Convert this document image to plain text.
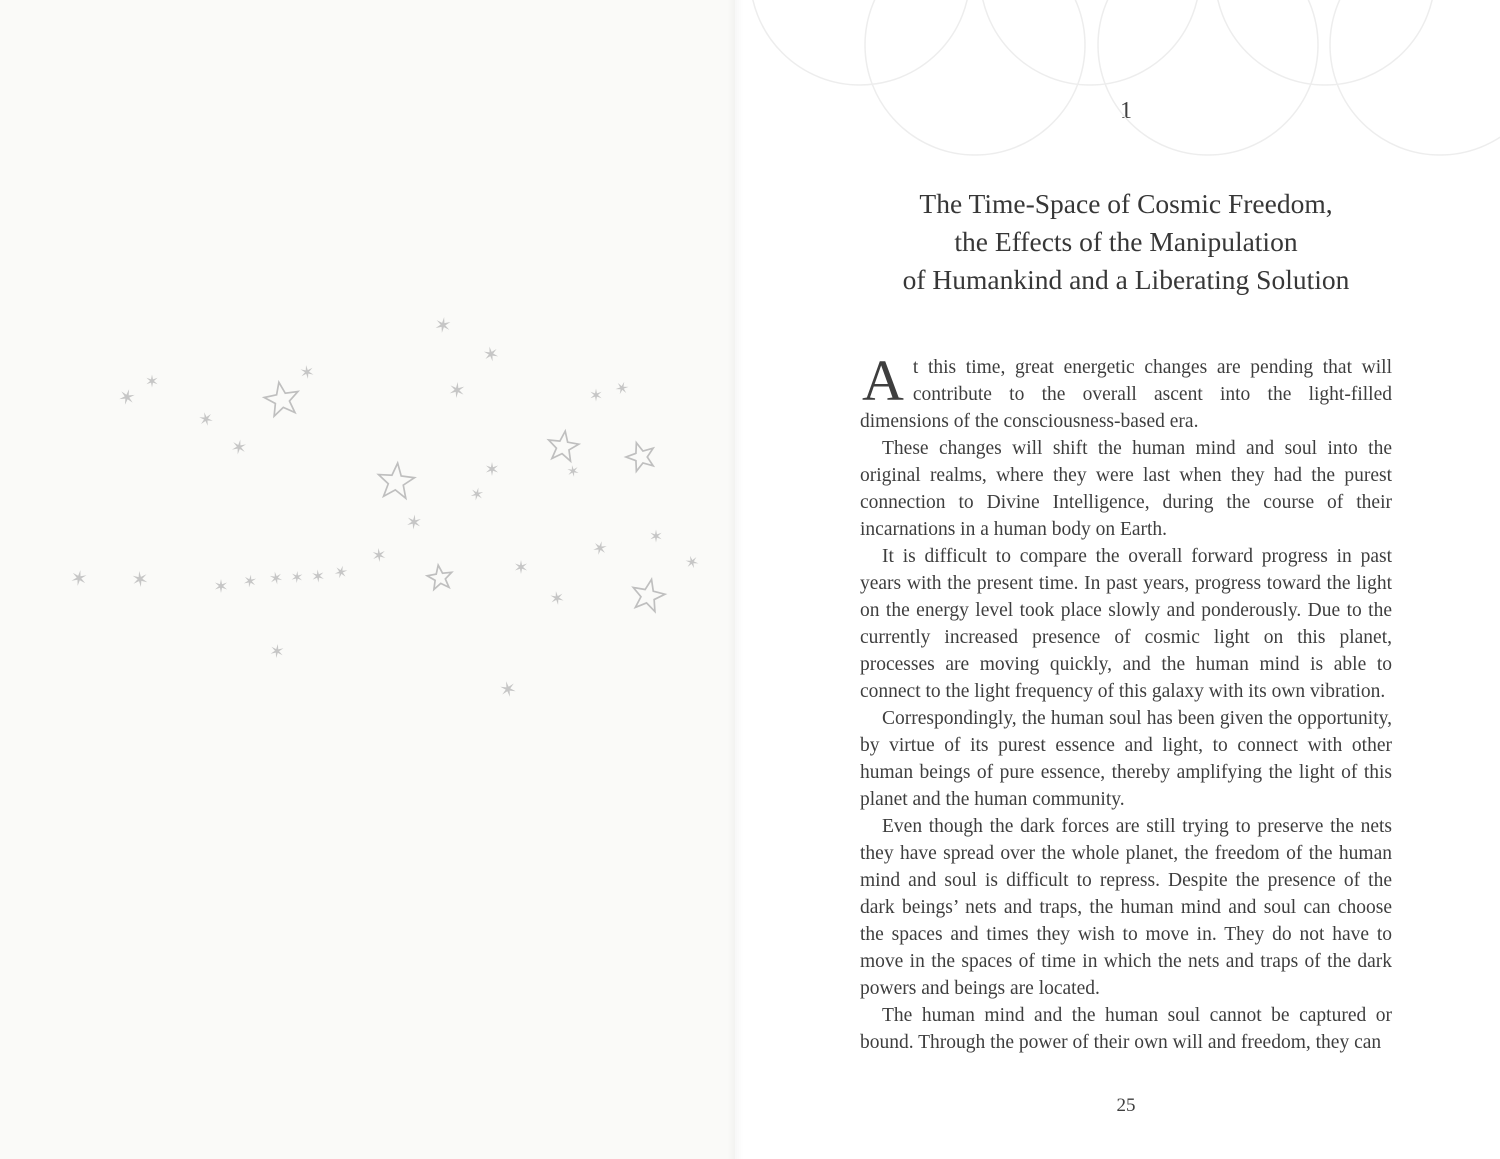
1
The Time-Space of Cosmic Freedom,
the Effects of the Manipulation
of Humankind and a Liberating Solution

At this time, great energetic changes are pending that will contribute to the overall ascent into the light-filled dimensions of the consciousness-based era.

These changes will shift the human mind and soul into the original realms, where they were last when they had the purest connection to Divine Intelligence, during the course of their incarnations in a human body on Earth.

It is difficult to compare the overall forward progress in past years with the present time. In past years, progress toward the light on the energy level took place slowly and ponderously. Due to the currently increased presence of cosmic light on this planet, processes are moving quickly, and the human mind is able to connect to the light frequency of this galaxy with its own vibration.

Correspondingly, the human soul has been given the opportunity, by virtue of its purest essence and light, to connect with other human beings of pure essence, thereby amplifying the light of this planet and the human community.

Even though the dark forces are still trying to preserve the nets they have spread over the whole planet, the freedom of the human mind and soul is difficult to repress. Despite the presence of the dark beings’ nets and traps, the human mind and soul can choose the spaces and times they wish to move in. They do not have to move in the spaces of time in which the nets and traps of the dark powers and beings are located.

The human mind and the human soul cannot be captured or bound. Through the power of their own will and freedom, they can

25
